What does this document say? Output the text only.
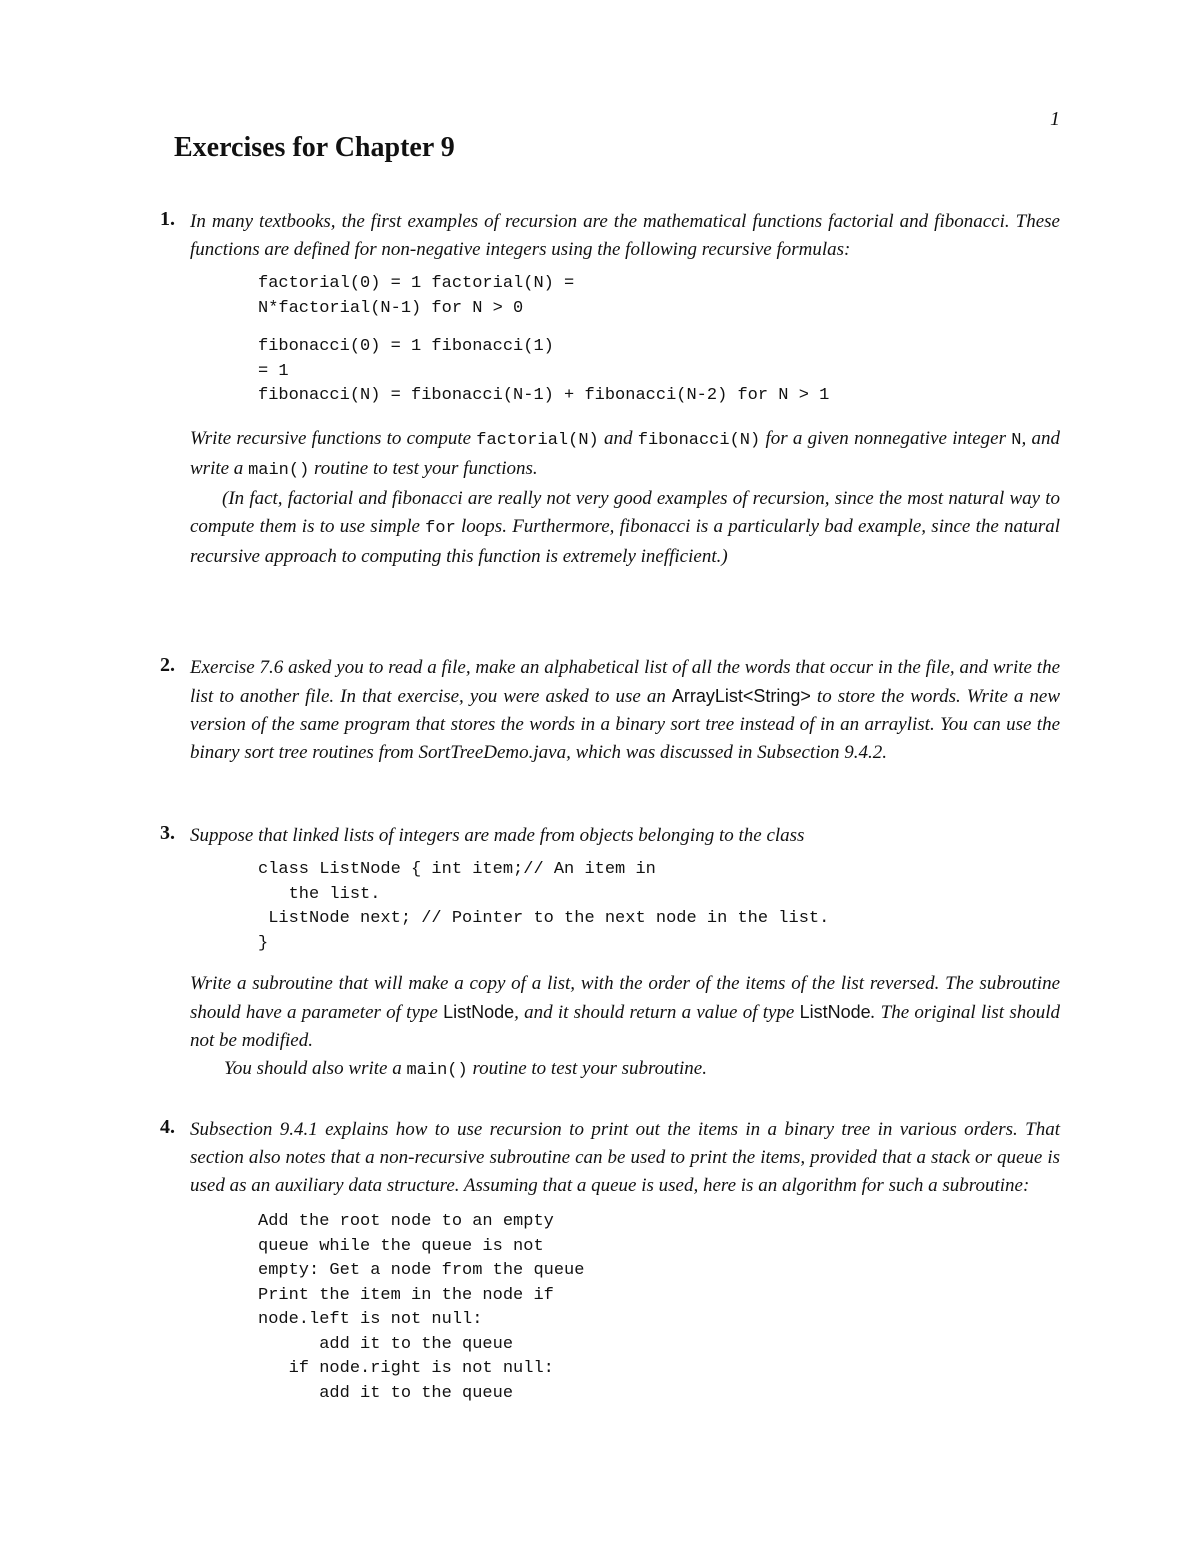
1
Exercises for Chapter 9
1. In many textbooks, the first examples of recursion are the mathematical functions factorial and fibonacci. These functions are defined for non-negative integers using the following recursive formulas:

factorial(0) = 1 factorial(N) =
N*factorial(N-1) for N > 0
fibonacci(0) = 1 fibonacci(1)
= 1
fibonacci(N) = fibonacci(N-1) + fibonacci(N-2) for N > 1

Write recursive functions to compute factorial(N) and fibonacci(N) for a given nonnegative integer N, and write a main() routine to test your functions.

(In fact, factorial and fibonacci are really not very good examples of recursion, since the most natural way to compute them is to use simple for loops. Furthermore, fibonacci is a particularly bad example, since the natural recursive approach to computing this function is extremely inefficient.)

2. Exercise 7.6 asked you to read a file, make an alphabetical list of all the words that occur in the file, and write the list to another file. In that exercise, you were asked to use an ArrayList<String> to store the words. Write a new version of the same program that stores the words in a binary sort tree instead of in an arraylist. You can use the binary sort tree routines from SortTreeDemo.java, which was discussed in Subsection 9.4.2.

3. Suppose that linked lists of integers are made from objects belonging to the class

class ListNode { int item;// An item in
the list.
ListNode next; // Pointer to the next node in the list.
}

Write a subroutine that will make a copy of a list, with the order of the items of the list reversed. The subroutine should have a parameter of type ListNode, and it should return a value of type ListNode. The original list should not be modified.

You should also write a main() routine to test your subroutine.

4. Subsection 9.4.1 explains how to use recursion to print out the items in a binary tree in various orders. That section also notes that a non-recursive subroutine can be used to print the items, provided that a stack or queue is used as an auxiliary data structure. Assuming that a queue is used, here is an algorithm for such a subroutine:

Add the root node to an empty
queue while the queue is not
empty: Get a node from the queue
Print the item in the node if
node.left is not null:
add it to the queue
if node.right is not null:
add it to the queue
